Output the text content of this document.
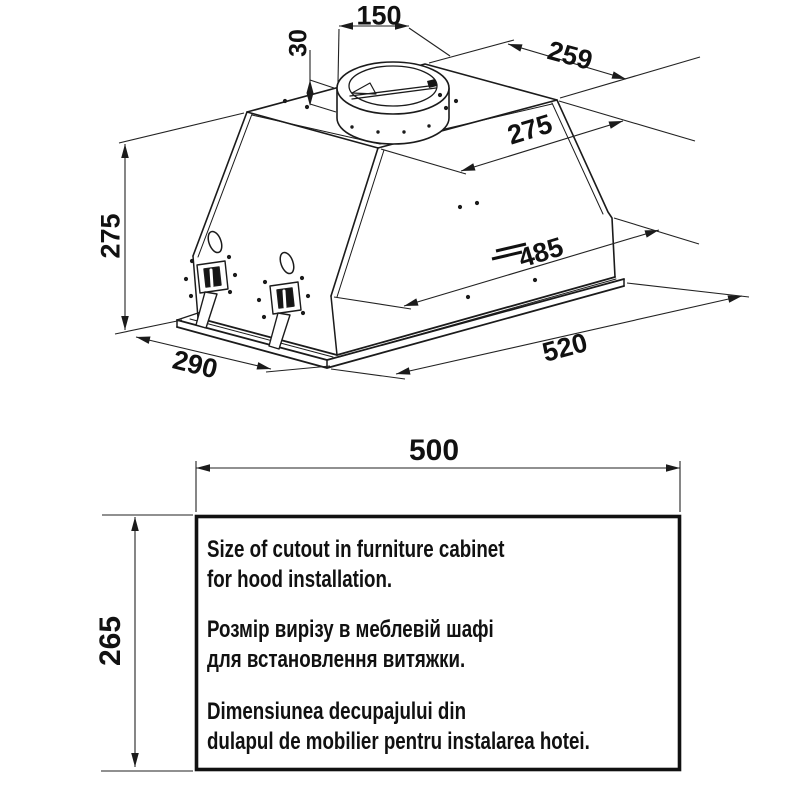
150
30	259
275
485
520
290
275
500
265
Size of cutout in furniture cabinet
for hood installation.
Розмір вирізу в меблевій шафі
для встановлення витяжки.
Dimensiunea decupajului din
dulapul de mobilier pentru instalarea hotei.
